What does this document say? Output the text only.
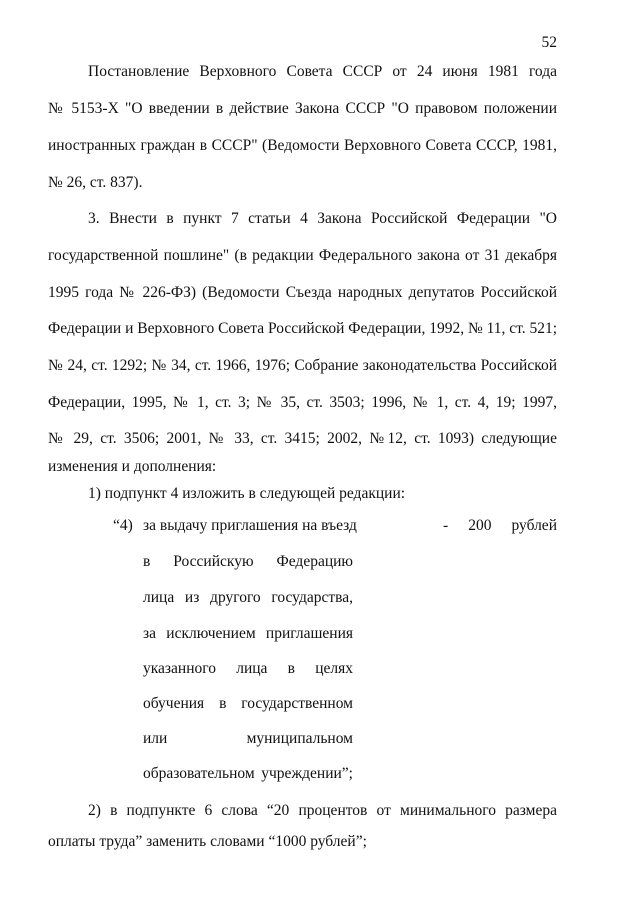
52
Постановление Верховного Совета СССР от 24 июня 1981 года
№ 5153-X "О введении в действие Закона СССР "О правовом положении
иностранных граждан в СССР" (Ведомости Верховного Совета СССР, 1981,
№ 26, ст. 837).
3. Внести в пункт 7 статьи 4 Закона Российской Федерации "О
государственной пошлине" (в редакции Федерального закона от 31 декабря
1995 года № 226-ФЗ) (Ведомости Съезда народных депутатов Российской
Федерации и Верховного Совета Российской Федерации, 1992, № 11, ст. 521;
№ 24, ст. 1292; № 34, ст. 1966, 1976; Собрание законодательства Российской
Федерации, 1995, № 1, ст. 3; № 35, ст. 3503; 1996, № 1, ст. 4, 19; 1997,
№ 29, ст. 3506; 2001, № 33, ст. 3415; 2002, №12, ст. 1093) следующие
изменения и дополнения:
1) подпункт 4 изложить в следующей редакции:
“4) за выдачу приглашения на въезд
в Российскую Федерацию
лица из другого государства,
за исключением приглашения
указанного лица в целях
обучения в государственном
или муниципальном
образовательном учреждении”;
- 200 рублей
2) в подпункте 6 слова “20 процентов от минимального размера
оплаты труда” заменить словами “1000 рублей”;
